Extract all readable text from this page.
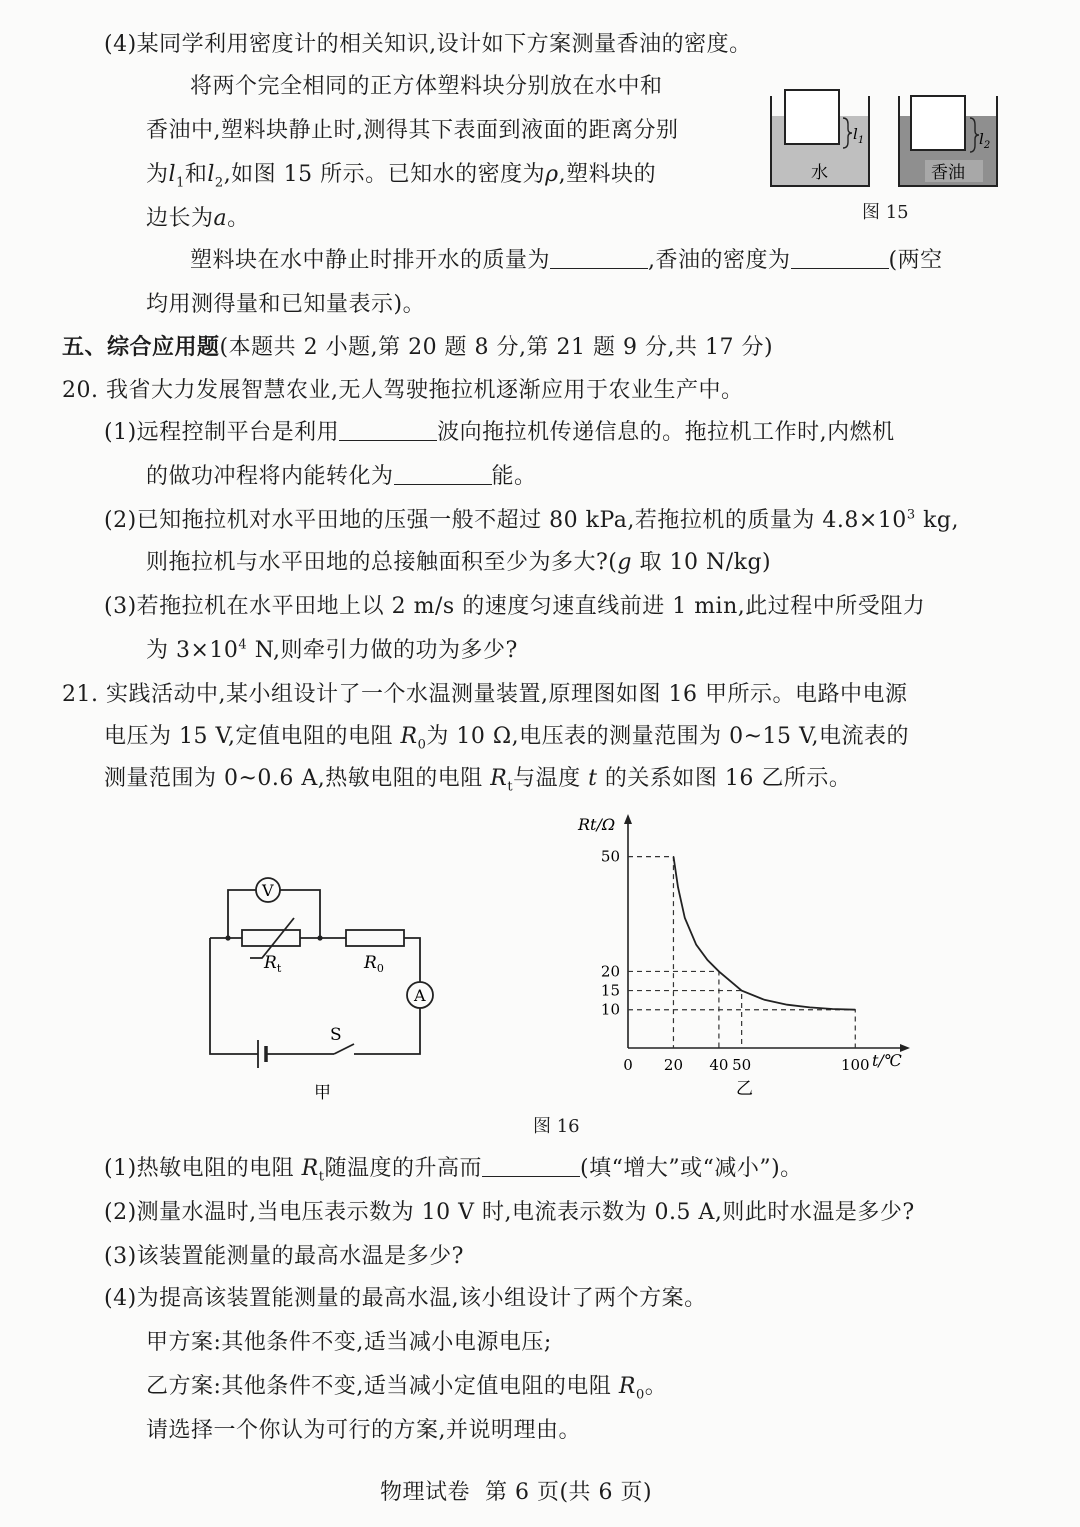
(4)某同学利用密度计的相关知识,设计如下方案测量香油的密度。
将两个完全相同的正方体塑料块分别放在水中和
香油中,塑料块静止时,测得其下表面到液面的距离分别
为$l_1$和$l_2$,如图 15 所示。已知水的密度为ρ,塑料块的
边长为a。
塑料块在水中静止时排开水的质量为	,香油的密度为	(两空
均用测得量和已知量表示)。
$l_1$
水
$l_2$
香油
图 15
五、综合应用题(本题共 2 小题,第 20 题 8 分,第 21 题 9 分,共 17 分)
20. 我省大力发展智慧农业,无人驾驶拖拉机逐渐应用于农业生产中。
(1)远程控制平台是利用	波向拖拉机传递信息的。拖拉机工作时,内燃机
的做功冲程将内能转化为	能。
(2)已知拖拉机对水平田地的压强一般不超过 80 kPa,若拖拉机的质量为 $4.8\times 10^3$ kg,
则拖拉机与水平田地的总接触面积至少为多大?(g 取 10 N/kg)
(3)若拖拉机在水平田地上以 2 m/s 的速度匀速直线前进 1 min,此过程中所受阻力
为 $3\times 10^4$ N,则牵引力做的功为多少?
21. 实践活动中,某小组设计了一个水温测量装置,原理图如图 16 甲所示。电路中电源
电压为 15 V,定值电阻的电阻 $R_0$为 10 Ω,电压表的测量范围为 0~15 V,电流表的
测量范围为 0~0.6 A,热敏电阻的电阻 $R_t$与温度 t 的关系如图 16 乙所示。
V
A
$R_t$	$R_0$
S
甲
0 20 40 50	100
10
15
20
50
Rt/Ω
t/℃
乙
图 16
(1)热敏电阻的电阻 $R_t$随温度的升高而	(填“增大”或“减小”)。
(2)测量水温时,当电压表示数为 10 V 时,电流表示数为 0.5 A,则此时水温是多少?
(3)该装置能测量的最高水温是多少?
(4)为提高该装置能测量的最高水温,该小组设计了两个方案。
甲方案:其他条件不变,适当减小电源电压;
乙方案:其他条件不变,适当减小定值电阻的电阻 $R_0$。
请选择一个你认为可行的方案,并说明理由。
物理试卷  第 6 页(共 6 页)
